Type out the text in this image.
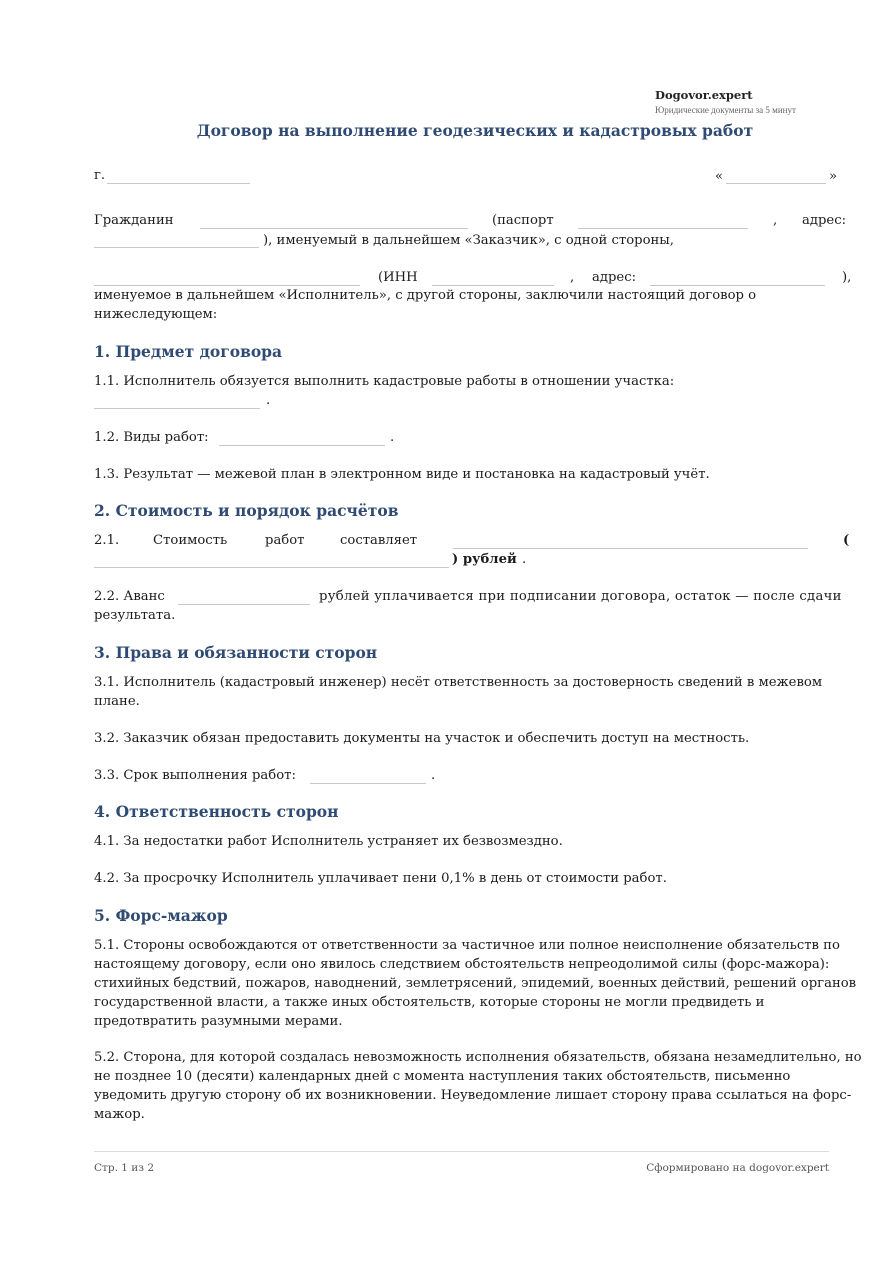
Dogovor.expert
Юридические документы за 5 минут
Договор на выполнение геодезических и кадастровых работ
г.	«	»
Гражданин	(паспорт	, адрес:
), именуемый в дальнейшем «Заказчик», с одной стороны,
(ИНН	, адрес:	),
именуемое в дальнейшем «Исполнитель», с другой стороны, заключили настоящий договор о нижеследующем:
1. Предмет договора
1.1. Исполнитель обязуется выполнить кадастровые работы в отношении участка:
.
1.2. Виды работ:	.
1.3. Результат — межевой план в электронном виде и постановка на кадастровый учёт.
2. Стоимость и порядок расчётов
2.1.	Стоимость	работ	составляет	(
) рублей .
2.2. Аванс	рублей уплачивается при подписании договора, остаток — после сдачи
результата.
3. Права и обязанности сторон
3.1. Исполнитель (кадастровый инженер) несёт ответственность за достоверность сведений в межевом плане.
3.2. Заказчик обязан предоставить документы на участок и обеспечить доступ на местность.
3.3. Срок выполнения работ:	.
4. Ответственность сторон
4.1. За недостатки работ Исполнитель устраняет их безвозмездно.
4.2. За просрочку Исполнитель уплачивает пени 0,1% в день от стоимости работ.
5. Форс-мажор
5.1. Стороны освобождаются от ответственности за частичное или полное неисполнение обязательств по настоящему договору, если оно явилось следствием обстоятельств непреодолимой силы (форс-мажора): стихийных бедствий, пожаров, наводнений, землетрясений, эпидемий, военных действий, решений органов государственной власти, а также иных обстоятельств, которые стороны не могли предвидеть и предотвратить разумными мерами.
5.2. Сторона, для которой создалась невозможность исполнения обязательств, обязана незамедлительно, но не позднее 10 (десяти) календарных дней с момента наступления таких обстоятельств, письменно уведомить другую сторону об их возникновении. Неуведомление лишает сторону права ссылаться на форс-мажор.
Стр. 1 из 2	Сформировано на dogovor.expert
